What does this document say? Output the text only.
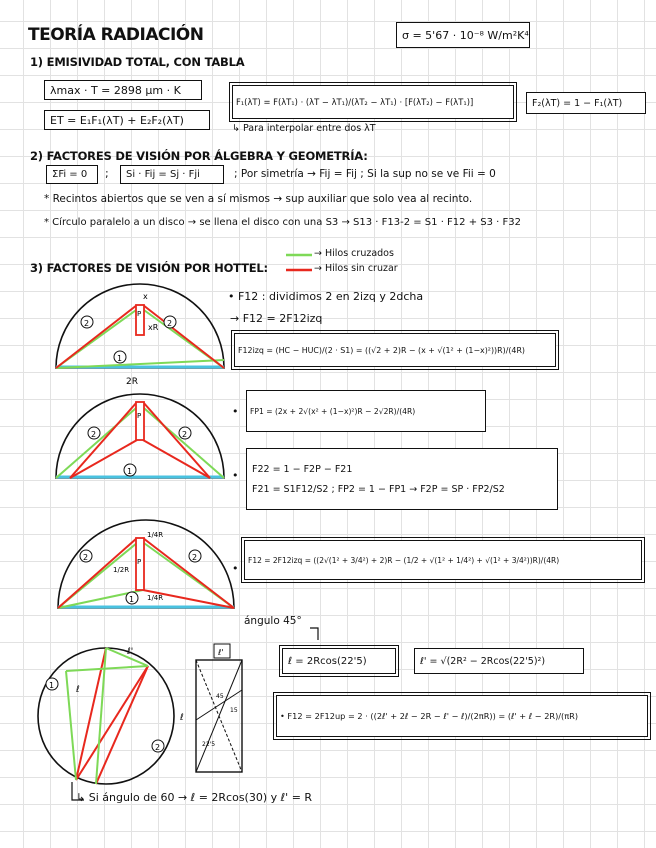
TEORÍA RADIACIÓN	σ = 5'67 · 10⁻⁸ W/m²K⁴
1) EMISIVIDAD TOTAL, CON TABLA
λmax · T = 2898 μm · K
ET = E₁F₁(λT) + E₂F₂(λT)
F₁(λT) = F(λT₁) · (λT − λT₁)/(λT₂ − λT₁) · [F(λT₂) − F(λT₁)]	F₂(λT) = 1 − F₁(λT)
↳ Para interpolar entre dos λT
2) FACTORES DE VISIÓN POR ÁLGEBRA Y GEOMETRÍA:
ΣFi = 0	;	Si · Fij = Sj · Fji	; Por simetría → Fij = Fij ; Si la sup no se ve Fii = 0
* Recintos abiertos que se ven a sí mismos → sup auxiliar que solo vea al recinto.
* Círculo paralelo a un disco → se llena el disco con una S3 → S13 · F13-2 = S1 · F12 + S3 · F32
3) FACTORES DE VISIÓN POR HOTTEL:
→ Hilos cruzados
→ Hilos sin cruzar
• F12 : dividimos 2 en 2izq y 2dcha
→ F12 = 2F12izq
F12izq = (HC − HUC)/(2 · S1) = ((√2 + 2)R − (x + √(1² + (1−x)²))R)/(4R)
•	FP1 = (2x + 2√(x² + (1−x)²)R − 2√2R)/(4R)
• F22 = 1 − F2P − F21
F21 = S1F12/S2 ; FP2 = 1 − FP1 → F2P = SP · FP2/S2
•
F12 = 2F12izq = ((2√(1² + 3/4²) + 2)R − (1/2 + √(1² + 1/4²) + √(1² + 3/4²))R)/(4R)
ángulo 45°
ℓ = 2Rcos(22'5)	ℓ' = √(2R² − 2Rcos(22'5)²)
• F12 = 2F12up = 2 · ((2ℓ' + 2ℓ − 2R − ℓ' − ℓ)/(2πR)) = (ℓ' + ℓ − 2R)/(πR)
↳ Si ángulo de 60 → ℓ = 2Rcos(30) y ℓ' = R
x
P
xR
2R
2	2
1
P
2	2
1
P
1/4R
1/4R
1/2R
2	2
1
ℓ
ℓ'
1
2
ℓ'
ℓ
45
15
22'5
